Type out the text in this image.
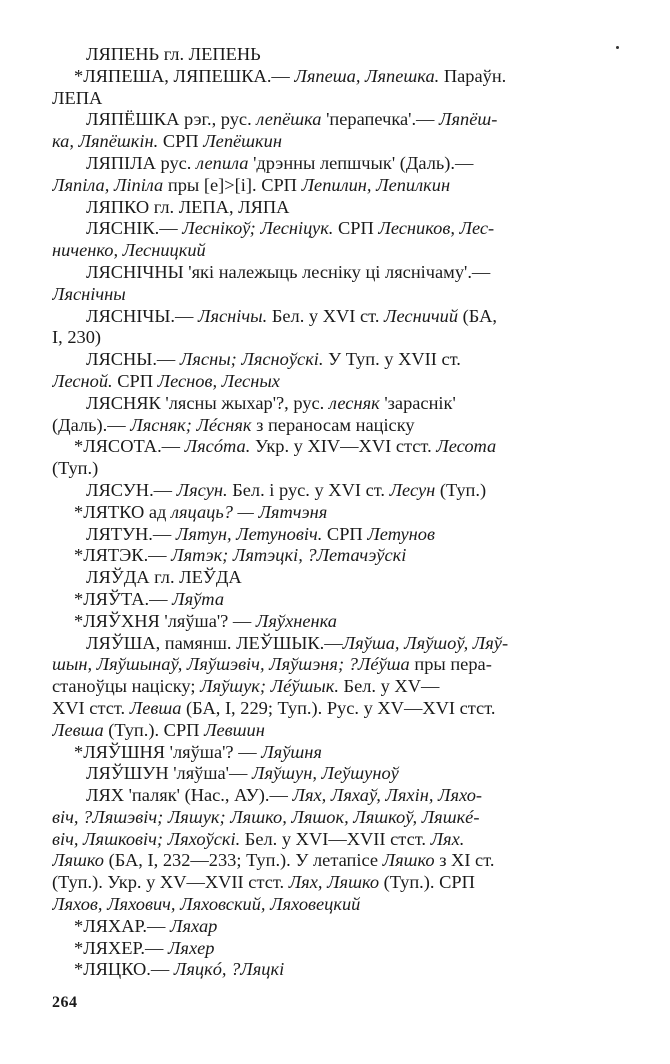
ЛЯПЕНЬ гл. ЛЕПЕНЬ
*ЛЯПЕША, ЛЯПЕШКА.— Ляпеша, Ляпешка. Параўн.
ЛЕПА
ЛЯПЁШКА рэг., рус. лепёшка 'перапечка'.— Ляпёш-
ка, Ляпёшкін. СРП Лепёшкин
ЛЯПІЛА рус. лепила 'дрэнны лепшчык' (Даль).—
Ляпіла, Ліпіла пры [е]>[і]. СРП Лепилин, Лепилкин
ЛЯПКО гл. ЛЕПА, ЛЯПА
ЛЯСНІК.— Леснікоў; Лесніцук. СРП Лесников, Лес-
ниченко, Лесницкий
ЛЯСНІЧНЫ 'які належыць лесніку ці ляснічаму'.—
Ляснічны
ЛЯСНІЧЫ.— Ляснічы. Бел. у XVI ст. Лесничий (БА,
І, 230)
ЛЯСНЫ.— Лясны; Ляснoўскі. У Туп. у XVII ст.
Лесной. СРП Леснов, Лесных
ЛЯСНЯК 'лясны жыхар'?, рус. лесняк 'зараснік'
(Даль).— Лясняк; Лéсняк з пераносам націску
*ЛЯСОТА.— Лясóта. Укр. у XIV—XVI стст. Лесота
(Туп.)
ЛЯСУН.— Лясун. Бел. і рус. у XVI ст. Лесун (Туп.)
*ЛЯТКО ад ляцаць? — Лятчэня
ЛЯТУН.— Лятун, Летуновіч. СРП Летунов
*ЛЯТЭК.— Лятэк; Лятэцкі, ?Летачэўскі
ЛЯЎДА гл. ЛЕЎДА
*ЛЯЎТА.— Ляўта
*ЛЯЎХНЯ 'ляўша'? — Ляўхненка
ЛЯЎША, памянш. ЛЕЎШЫК.—Ляўша, Ляўшоў, Ляў-
шын, Ляўшынаў, Ляўшэвіч, Ляўшэня; ?Лéўша пры пера-
станоўцы націску; Ляўшук; Лéўшык. Бел. у XV—
XVI стст. Левша (БА, І, 229; Туп.). Рус. у XV—XVI стст.
Левша (Туп.). СРП Левшин
*ЛЯЎШНЯ 'ляўша'? — Ляўшня
ЛЯЎШУН 'ляўша'— Ляўшун, Леўшуноў
ЛЯХ 'паляк' (Нас., АУ).— Лях, Ляхаў, Ляхін, Ляхо-
віч, ?Ляшэвіч; Ляшук; Ляшко, Ляшок, Ляшкоў, Ляшкé-
віч, Ляшковіч; Ляхоўскі. Бел. у XVI—XVII стст. Лях.
Ляшко (БА, І, 232—233; Туп.). У летапісе Ляшко з XI ст.
(Туп.). Укр. у XV—XVII стст. Лях, Ляшко (Туп.). СРП
Ляхов, Ляхович, Ляховский, Ляховецкий
*ЛЯХАР.— Ляхар
*ЛЯХЕР.— Ляхер
*ЛЯЦКО.— Ляцкó, ?Ляцкі
264
